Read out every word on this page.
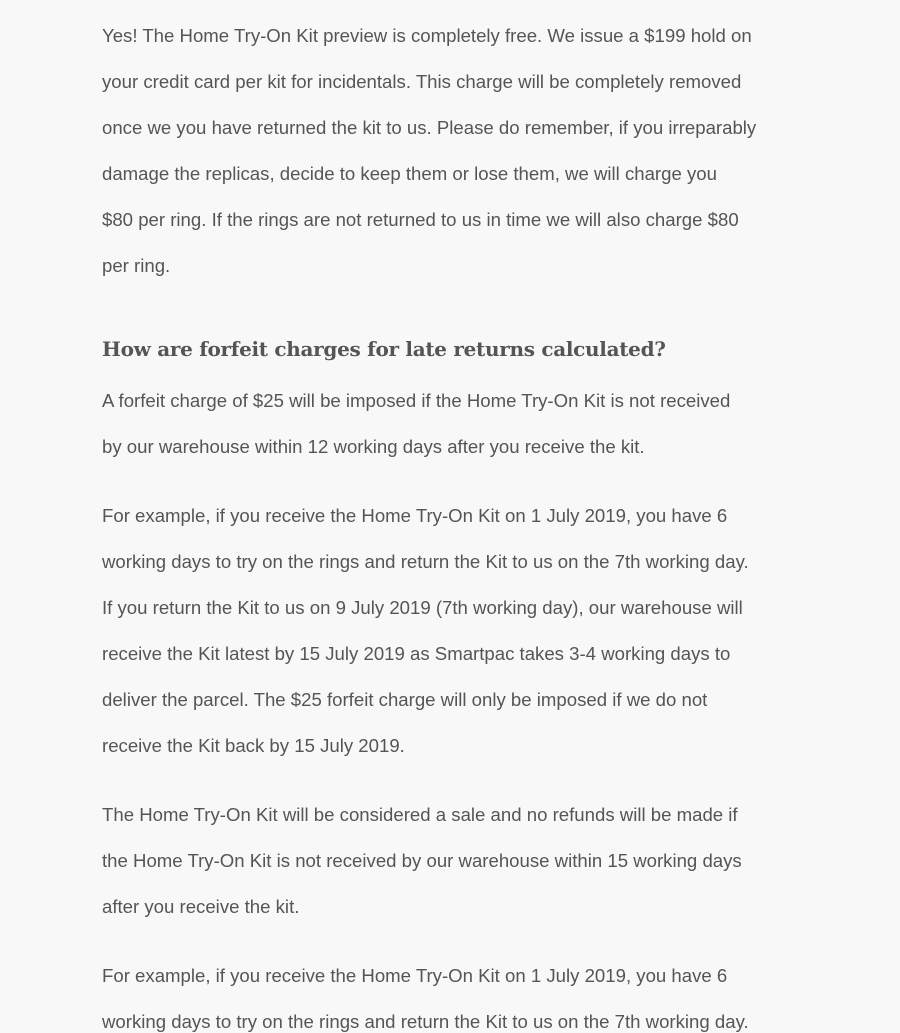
Yes! The Home Try-On Kit preview is completely free. We issue a $199 hold on

your credit card per kit for incidentals. This charge will be completely removed

once we you have returned the kit to us. Please do remember, if you irreparably

damage the replicas, decide to keep them or lose them, we will charge you

$80 per ring. If the rings are not returned to us in time we will also charge $80

per ring.

How are forfeit charges for late returns calculated?

A forfeit charge of $25 will be imposed if the Home Try-On Kit is not received

by our warehouse within 12 working days after you receive the kit.

For example, if you receive the Home Try-On Kit on 1 July 2019, you have 6

working days to try on the rings and return the Kit to us on the 7th working day.

If you return the Kit to us on 9 July 2019 (7th working day), our warehouse will

receive the Kit latest by 15 July 2019 as Smartpac takes 3-4 working days to

deliver the parcel. The $25 forfeit charge will only be imposed if we do not

receive the Kit back by 15 July 2019.

The Home Try-On Kit will be considered a sale and no refunds will be made if

the Home Try-On Kit is not received by our warehouse within 15 working days

after you receive the kit.

For example, if you receive the Home Try-On Kit on 1 July 2019, you have 6

working days to try on the rings and return the Kit to us on the 7th working day.
